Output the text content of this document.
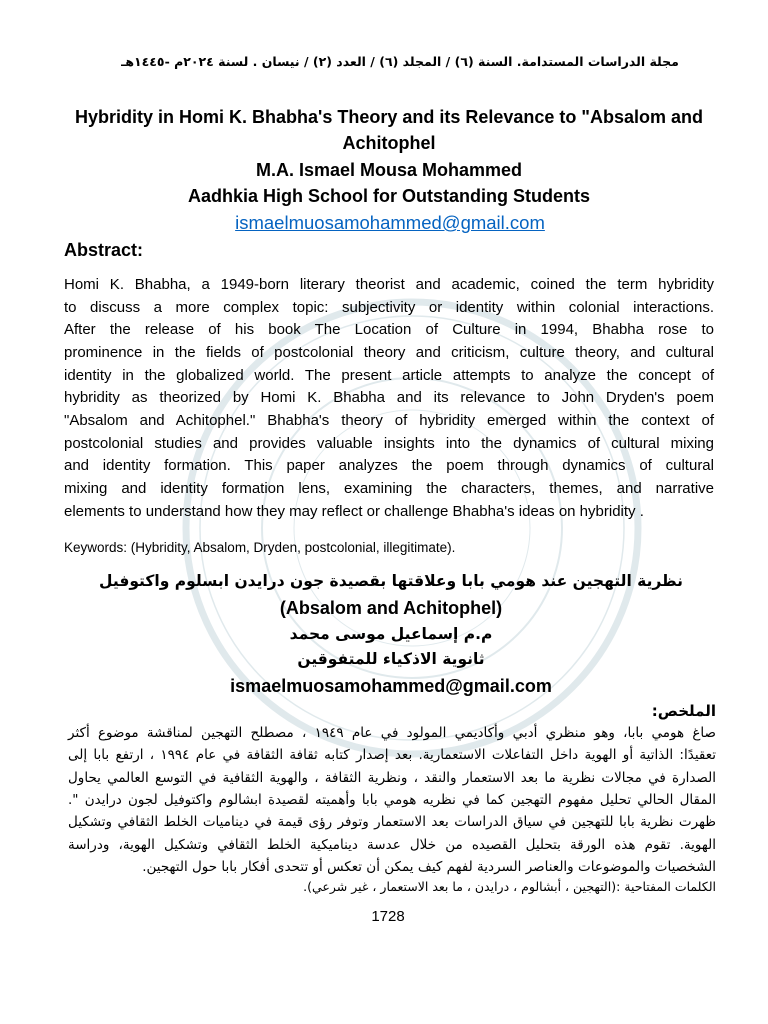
مجلة الدراسات المستدامة. السنة (٦) / المجلد (٦) / العدد (٢) / نيسان . لسنة ٢٠٢٤م -١٤٤٥هـ
Hybridity in Homi K. Bhabha's Theory and its Relevance to "Absalom and
Achitophel
M.A. Ismael Mousa Mohammed
Aadhkia High School for Outstanding Students
ismaelmuosamohammed@gmail.com
Abstract:
Homi K. Bhabha, a 1949-born literary theorist and academic, coined the term hybridity
to discuss a more complex topic: subjectivity or identity within colonial interactions.
After the release of his book The Location of Culture in 1994, Bhabha rose to
prominence in the fields of postcolonial theory and criticism, culture theory, and cultural
identity in the globalized world. The present article attempts to analyze the concept of
hybridity as theorized by Homi K. Bhabha and its relevance to John Dryden's poem
"Absalom and Achitophel." Bhabha's theory of hybridity emerged within the context of
postcolonial studies and provides valuable insights into the dynamics of cultural mixing
and identity formation. This paper analyzes the poem through dynamics of cultural
mixing and identity formation lens, examining the characters, themes, and narrative
elements to understand how they may reflect or challenge Bhabha's ideas on hybridity .
Keywords: (Hybridity, Absalom, Dryden, postcolonial, illegitimate).
نظرية التهجين عند هومي بابا وعلاقتها بقصيدة جون درايدن ابسلوم واكتوفيل
(Absalom and Achitophel)
م.م إسماعيل موسى محمد
ثانوية الاذكياء للمتفوقين
ismaelmuosamohammed@gmail.com
الملخص:
صاغ هومي بابا، وهو منظري أدبي وأكاديمي المولود في عام ١٩٤٩ ، مصطلح التهجين لمناقشة موضوع أكثر
تعقيدًا: الذاتية أو الهوية داخل التفاعلات الاستعمارية. بعد إصدار كتابه ثقافة الثقافة في عام ١٩٩٤ ، ارتفع بابا إلى
الصدارة في مجالات نظرية ما بعد الاستعمار والنقد ، ونظرية الثقافة ، والهوية الثقافية في التوسع العالمي يحاول
المقال الحالي تحليل مفهوم التهجين كما في نظريه هومي بابا وأهميته لقصيدة ابشالوم واكتوفيل لجون درايدن ".
ظهرت نظرية بابا للتهجين في سياق الدراسات بعد الاستعمار وتوفر رؤى قيمة في ديناميات الخلط الثقافي وتشكيل
الهوية. تقوم هذه الورقة بتحليل القصيده من خلال عدسة ديناميكية الخلط الثقافي وتشكيل الهوية، ودراسة
الشخصيات والموضوعات والعناصر السردية لفهم كيف يمكن أن تعكس أو تتحدى أفكار بابا حول التهجين.
الكلمات المفتاحية :(التهجين ، أبشالوم ، درايدن ، ما بعد الاستعمار ، غير شرعي).
1728
